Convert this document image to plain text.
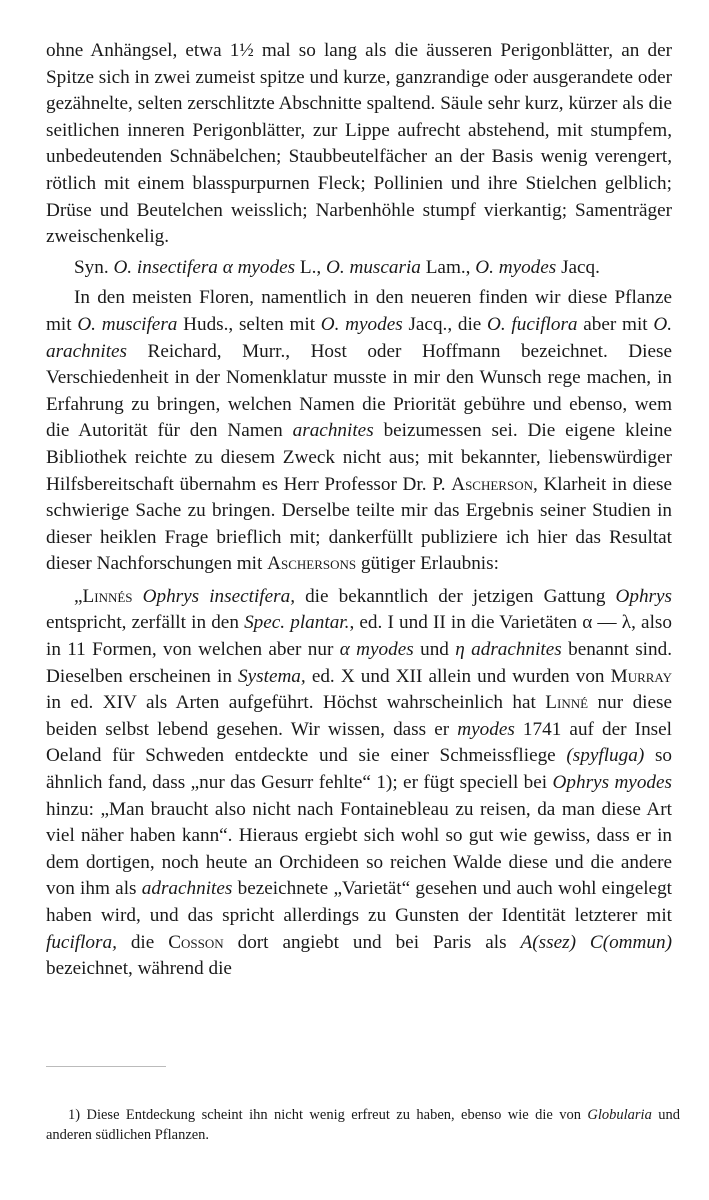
ohne Anhängsel, etwa 1½ mal so lang als die äusseren Perigonblätter, an der Spitze sich in zwei zumeist spitze und kurze, ganzrandige oder ausgerandete oder gezähnelte, selten zerschlitzte Abschnitte spaltend. Säule sehr kurz, kürzer als die seitlichen inneren Perigonblätter, zur Lippe aufrecht abstehend, mit stumpfem, unbedeutenden Schnäbelchen; Staubbeutelfächer an der Basis wenig verengert, rötlich mit einem blasspurpurnen Fleck; Pollinien und ihre Stielchen gelblich; Drüse und Beutelchen weisslich; Narbenhöhle stumpf vierkantig; Samenträger zweischenkelig.

Syn. O. insectifera α myodes L., O. muscaria Lam., O. myodes Jacq.

In den meisten Floren, namentlich in den neueren finden wir diese Pflanze mit O. muscifera Huds., selten mit O. myodes Jacq., die O. fuciflora aber mit O. arachnites Reichard, Murr., Host oder Hoffmann bezeichnet. Diese Verschiedenheit in der Nomenklatur musste in mir den Wunsch rege machen, in Erfahrung zu bringen, welchen Namen die Priorität gebühre und ebenso, wem die Autorität für den Namen arachnites beizumessen sei. Die eigene kleine Bibliothek reichte zu diesem Zweck nicht aus; mit bekannter, liebenswürdiger Hilfsbereitschaft übernahm es Herr Professor Dr. P. Ascherson, Klarheit in diese schwierige Sache zu bringen. Derselbe teilte mir das Ergebnis seiner Studien in dieser heiklen Frage brieflich mit; dankerfüllt publiziere ich hier das Resultat dieser Nachforschungen mit Aschersons gütiger Erlaubnis:

„Linnés Ophrys insectifera, die bekanntlich der jetzigen Gattung Ophrys entspricht, zerfällt in den Spec. plantar., ed. I und II in die Varietäten α — λ, also in 11 Formen, von welchen aber nur α myodes und η adrachnites benannt sind. Dieselben erscheinen in Systema, ed. X und XII allein und wurden von Murray in ed. XIV als Arten aufgeführt. Höchst wahrscheinlich hat Linné nur diese beiden selbst lebend gesehen. Wir wissen, dass er myodes 1741 auf der Insel Oeland für Schweden entdeckte und sie einer Schmeissfliege (spyfluga) so ähnlich fand, dass „nur das Gesurr fehlte“ 1); er fügt speciell bei Ophrys myodes hinzu: „Man braucht also nicht nach Fontainebleau zu reisen, da man diese Art viel näher haben kann“. Hieraus ergiebt sich wohl so gut wie gewiss, dass er in dem dortigen, noch heute an Orchideen so reichen Walde diese und die andere von ihm als adrachnites bezeichnete „Varietät“ gesehen und auch wohl eingelegt haben wird, und das spricht allerdings zu Gunsten der Identität letzterer mit fuciflora, die Cosson dort angiebt und bei Paris als A(ssez) C(ommun) bezeichnet, während die

1) Diese Entdeckung scheint ihn nicht wenig erfreut zu haben, ebenso wie die von Globularia und anderen südlichen Pflanzen.
